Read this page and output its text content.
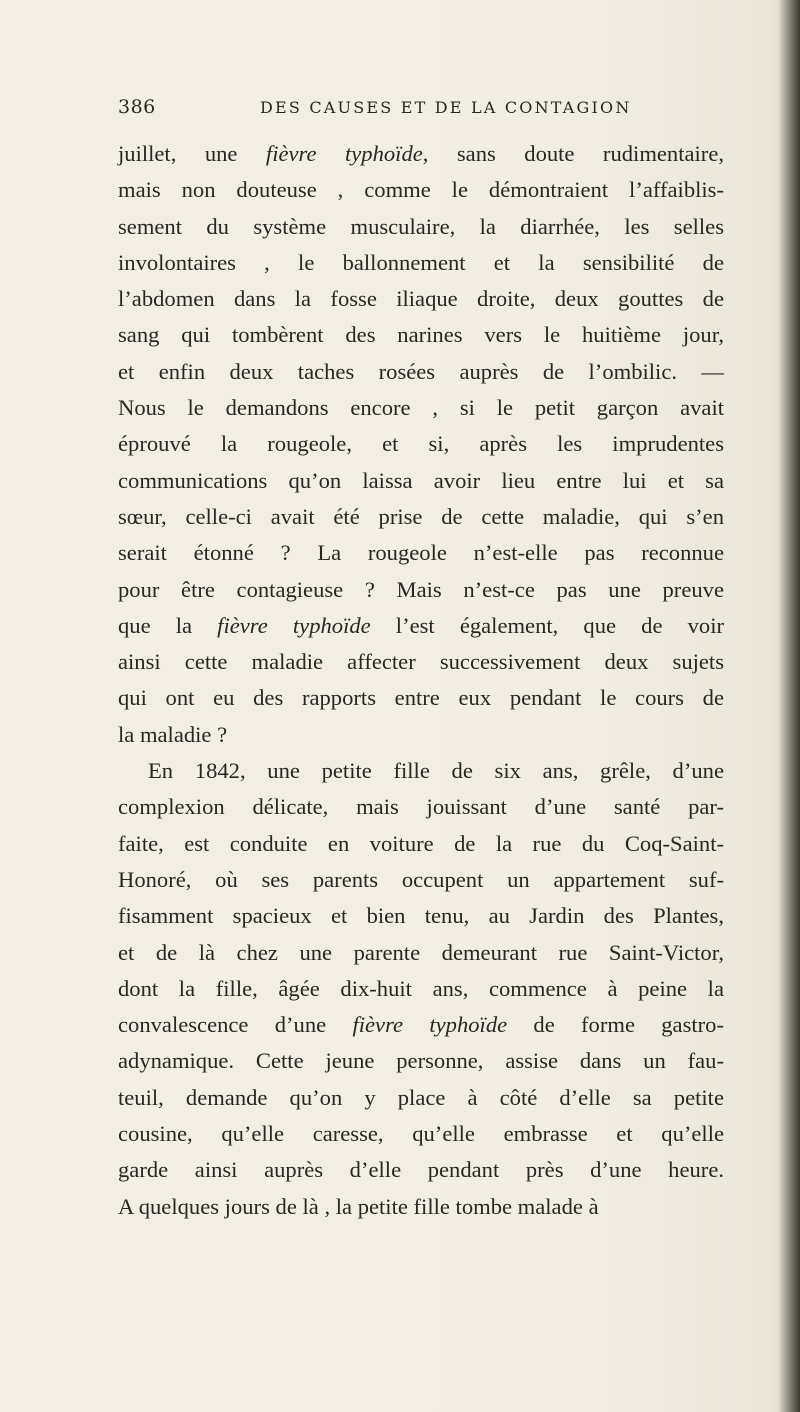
386	DES CAUSES ET DE LA CONTAGION
juillet, une fièvre typhoïde, sans doute rudimentaire,
mais non douteuse , comme le démontraient l’affaiblis-
sement du système musculaire, la diarrhée, les selles
involontaires , le ballonnement et la sensibilité de
l’abdomen dans la fosse iliaque droite, deux gouttes de
sang qui tombèrent des narines vers le huitième jour,
et enfin deux taches rosées auprès de l’ombilic. —
Nous le demandons encore , si le petit garçon avait
éprouvé la rougeole, et si, après les imprudentes
communications qu’on laissa avoir lieu entre lui et sa
sœur, celle-ci avait été prise de cette maladie, qui s’en
serait étonné ? La rougeole n’est-elle pas reconnue
pour être contagieuse ? Mais n’est-ce pas une preuve
que la fièvre typhoïde l’est également, que de voir
ainsi cette maladie affecter successivement deux sujets
qui ont eu des rapports entre eux pendant le cours de
la maladie ?
En 1842, une petite fille de six ans, grêle, d’une
complexion délicate, mais jouissant d’une santé par-
faite, est conduite en voiture de la rue du Coq-Saint-
Honoré, où ses parents occupent un appartement suf-
fisamment spacieux et bien tenu, au Jardin des Plantes,
et de là chez une parente demeurant rue Saint-Victor,
dont la fille, âgée dix-huit ans, commence à peine la
convalescence d’une fièvre typhoïde de forme gastro-
adynamique. Cette jeune personne, assise dans un fau-
teuil, demande qu’on y place à côté d’elle sa petite
cousine, qu’elle caresse, qu’elle embrasse et qu’elle
garde ainsi auprès d’elle pendant près d’une heure.
A quelques jours de là , la petite fille tombe malade à
